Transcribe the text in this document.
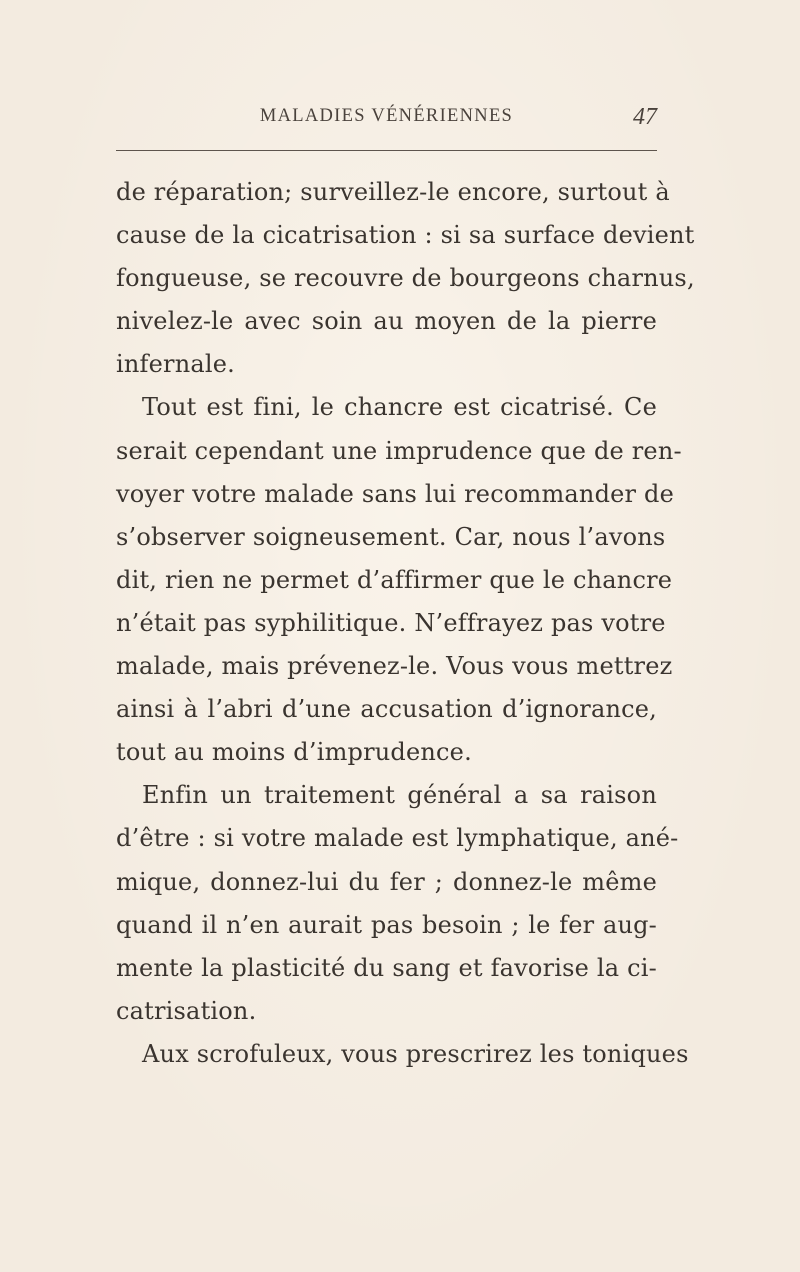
MALADIES VÉNÉRIENNES	47
de réparation; surveillez-le encore, surtout à
cause de la cicatrisation : si sa surface devient
fongueuse, se recouvre de bourgeons charnus,
nivelez-le avec soin au moyen de la pierre
infernale.
Tout est fini, le chancre est cicatrisé. Ce
serait cependant une imprudence que de ren-
voyer votre malade sans lui recommander de
s’observer soigneusement. Car, nous l’avons
dit, rien ne permet d’affirmer que le chancre
n’était pas syphilitique. N’effrayez pas votre
malade, mais prévenez-le. Vous vous mettrez
ainsi à l’abri d’une accusation d’ignorance,
tout au moins d’imprudence.
Enfin un traitement général a sa raison
d’être : si votre malade est lymphatique, ané-
mique, donnez-lui du fer ; donnez-le même
quand il n’en aurait pas besoin ; le fer aug-
mente la plasticité du sang et favorise la ci-
catrisation.
Aux scrofuleux, vous prescrirez les toniques
